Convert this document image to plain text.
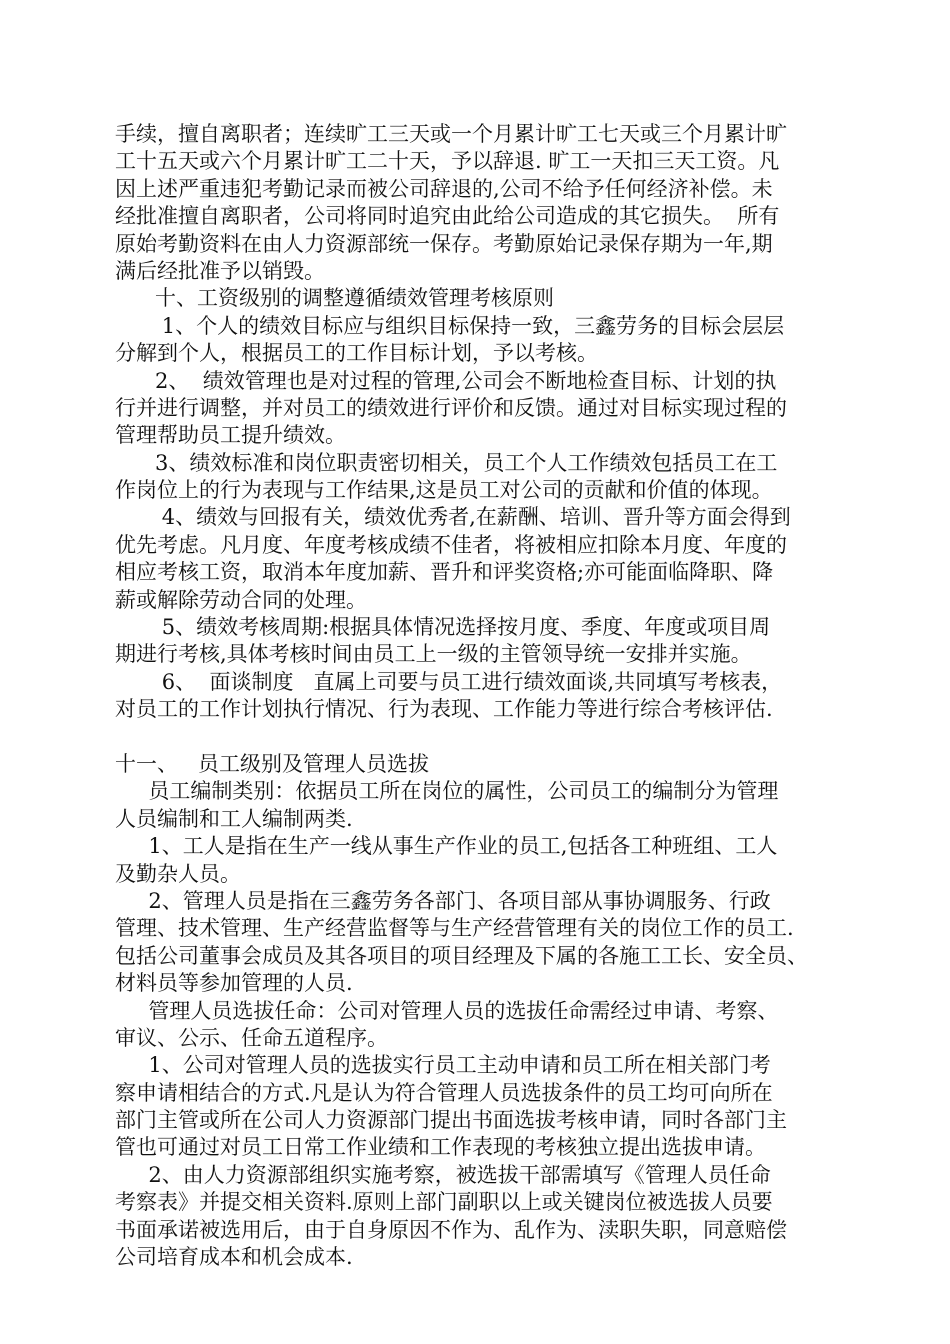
手续，擅自离职者；连续旷工三天或一个月累计旷工七天或三个月累计旷
工十五天或六个月累计旷工二十天，予以辞退. 旷工一天扣三天工资。凡
因上述严重违犯考勤记录而被公司辞退的,公司不给予任何经济补偿。未
经批准擅自离职者，公司将同时追究由此给公司造成的其它损失。  所有
原始考勤资料在由人力资源部统一保存。考勤原始记录保存期为一年,期
满后经批准予以销毁。
十、工资级别的调整遵循绩效管理考核原则
1、个人的绩效目标应与组织目标保持一致，三鑫劳务的目标会层层
分解到个人，根据员工的工作目标计划，予以考核。
2、  绩效管理也是对过程的管理,公司会不断地检查目标、计划的执
行并进行调整，并对员工的绩效进行评价和反馈。通过对目标实现过程的
管理帮助员工提升绩效。
3、绩效标准和岗位职责密切相关，员工个人工作绩效包括员工在工
作岗位上的行为表现与工作结果,这是员工对公司的贡献和价值的体现。
4、绩效与回报有关，绩效优秀者,在薪酬、培训、晋升等方面会得到
优先考虑。凡月度、年度考核成绩不佳者，将被相应扣除本月度、年度的
相应考核工资，取消本年度加薪、晋升和评奖资格;亦可能面临降职、降
薪或解除劳动合同的处理。
5、绩效考核周期:根据具体情况选择按月度、季度、年度或项目周
期进行考核,具体考核时间由员工上一级的主管领导统一安排并实施。
6、  面谈制度   直属上司要与员工进行绩效面谈,共同填写考核表，
对员工的工作计划执行情况、行为表现、工作能力等进行综合考核评估.
十一、   员工级别及管理人员选拔
员工编制类别：依据员工所在岗位的属性，公司员工的编制分为管理
人员编制和工人编制两类.
1、工人是指在生产一线从事生产作业的员工,包括各工种班组、工人
及勤杂人员。
2、管理人员是指在三鑫劳务各部门、各项目部从事协调服务、行政
管理、技术管理、生产经营监督等与生产经营管理有关的岗位工作的员工.
包括公司董事会成员及其各项目的项目经理及下属的各施工工长、安全员、
材料员等参加管理的人员.
管理人员选拔任命：公司对管理人员的选拔任命需经过申请、考察、
审议、公示、任命五道程序。
1、公司对管理人员的选拔实行员工主动申请和员工所在相关部门考
察申请相结合的方式.凡是认为符合管理人员选拔条件的员工均可向所在
部门主管或所在公司人力资源部门提出书面选拔考核申请，同时各部门主
管也可通过对员工日常工作业绩和工作表现的考核独立提出选拔申请。
2、由人力资源部组织实施考察，被选拔干部需填写《管理人员任命
考察表》并提交相关资料.原则上部门副职以上或关键岗位被选拔人员要
书面承诺被选用后，由于自身原因不作为、乱作为、渎职失职，同意赔偿
公司培育成本和机会成本.
